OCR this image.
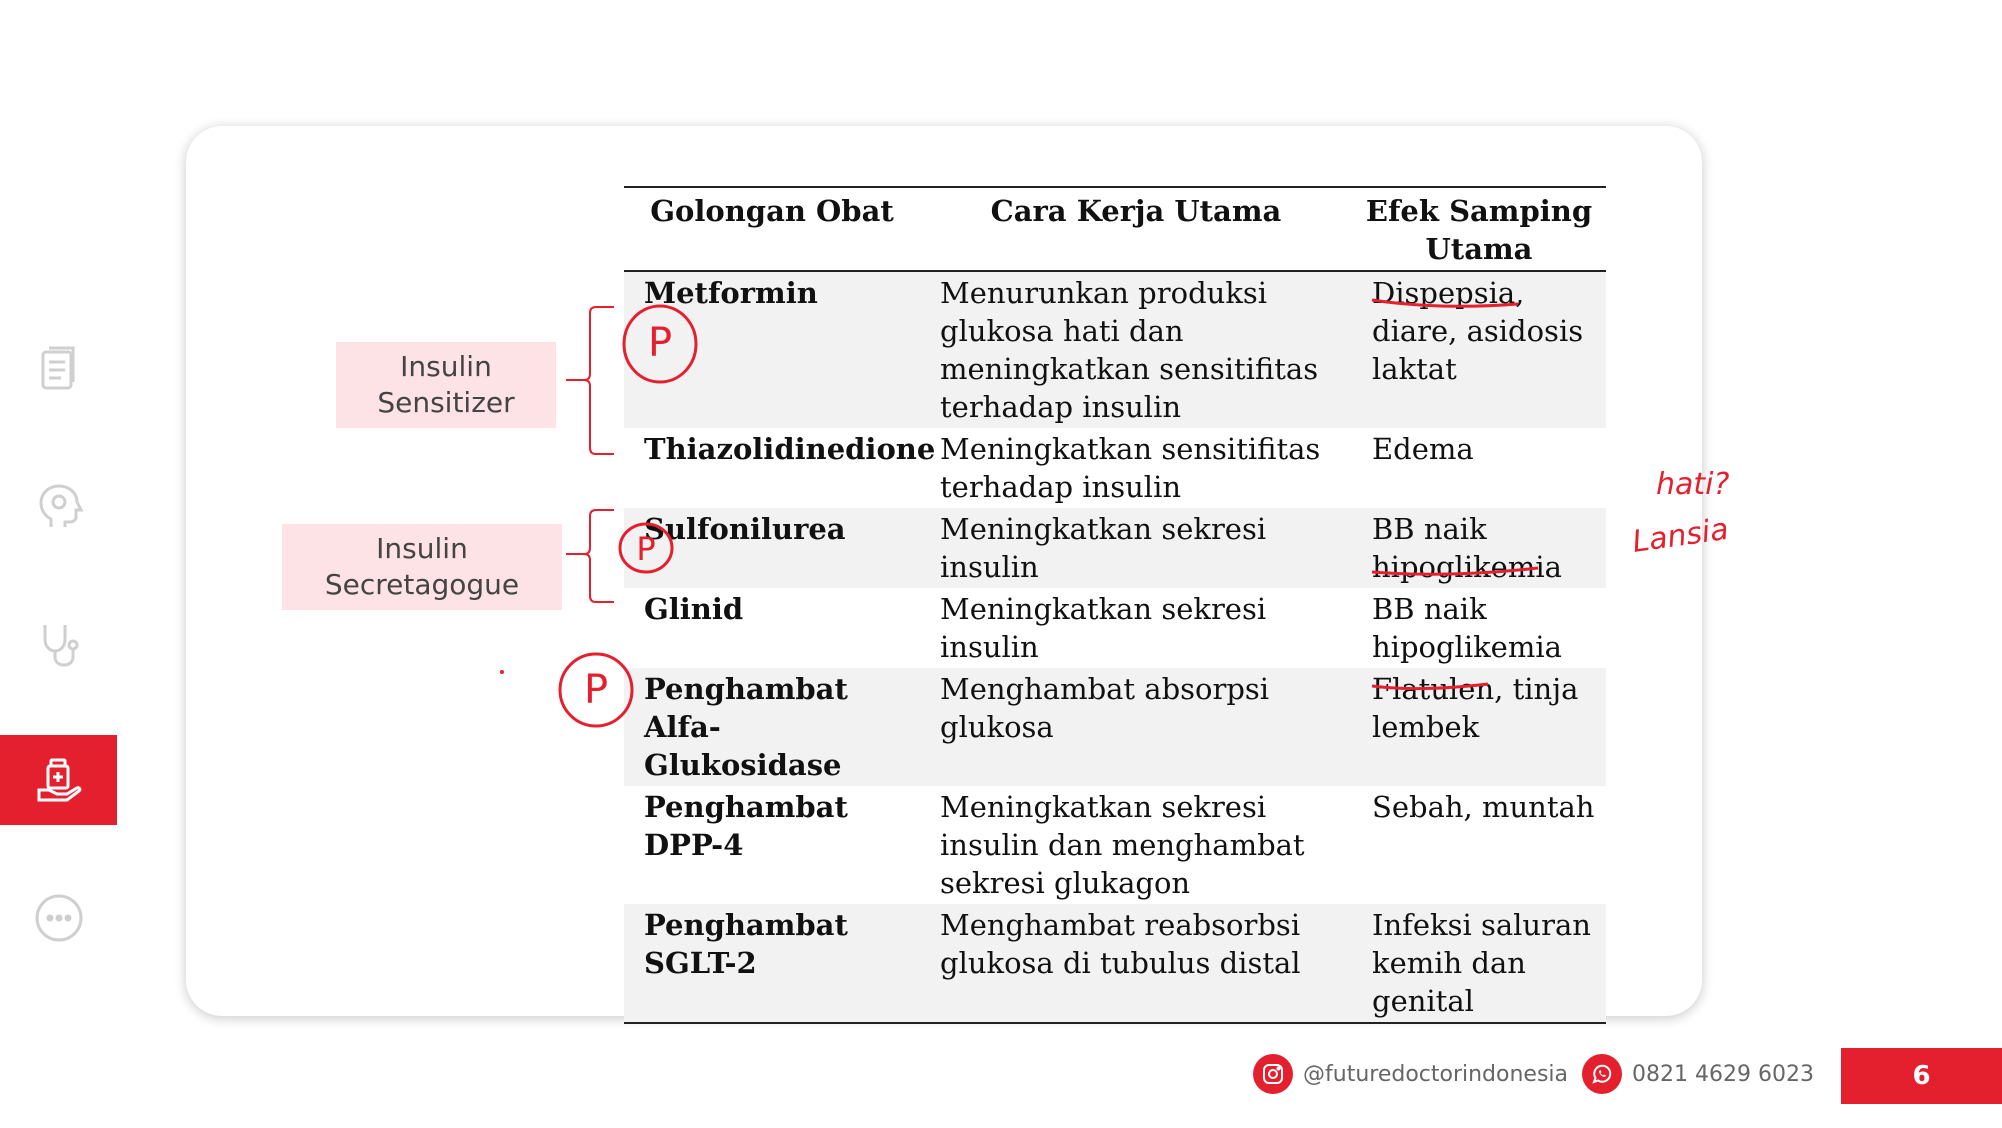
Insulin Sensitizer
Insulin Secretagogue
Golongan Obat	Cara Kerja Utama	Efek Samping Utama
Metformin	Menurunkan produksi glukosa hati dan meningkatkan sensitifitas terhadap insulin	Dispepsia, diare, asidosis laktat
Thiazolidinedione	Meningkatkan sensitifitas terhadap insulin	Edema
Sulfonilurea	Meningkatkan sekresi insulin	BB naik hipoglikemia
Glinid	Meningkatkan sekresi insulin	BB naik hipoglikemia
Penghambat Alfa-Glukosidase	Menghambat absorpsi glukosa	Flatulen, tinja lembek
Penghambat DPP-4	Meningkatkan sekresi insulin dan menghambat sekresi glukagon	Sebah, muntah
Penghambat SGLT-2	Menghambat reabsorbsi glukosa di tubulus distal	Infeksi saluran kemih dan genital
P
P
P
hati?
Lansia
@futuredoctorindonesia	0821 4629 6023	6
